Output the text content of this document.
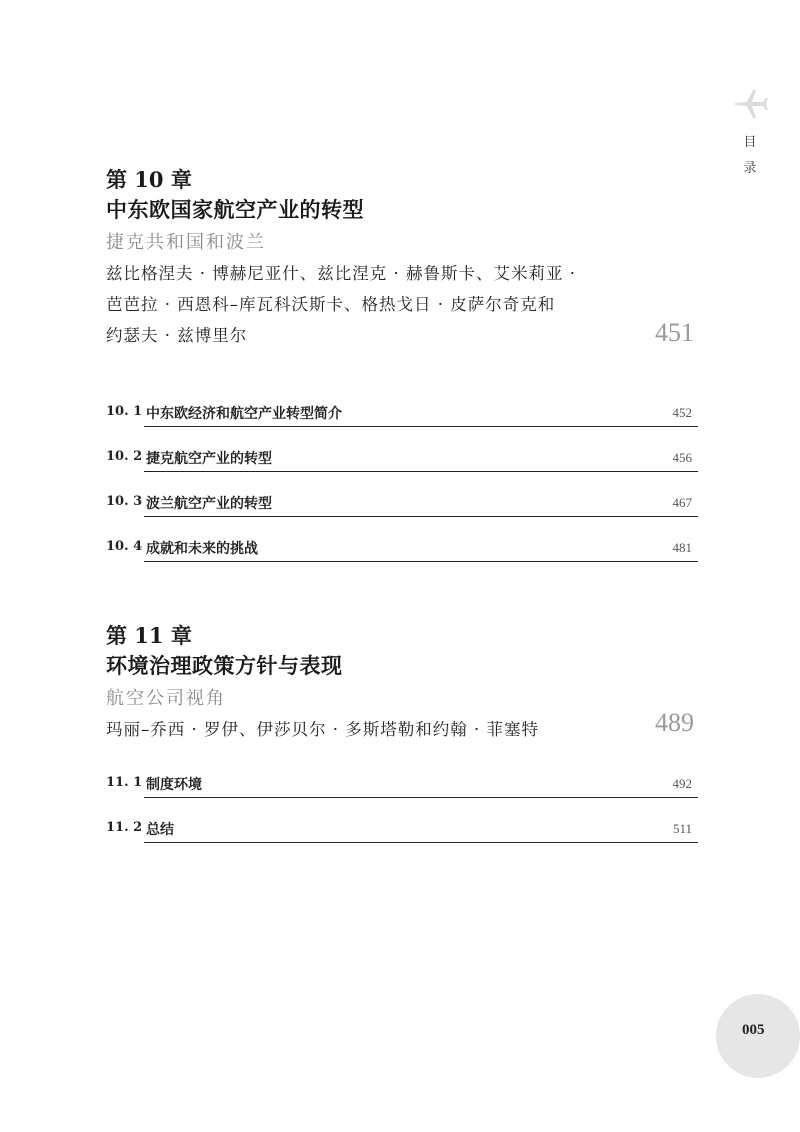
目
录
第 10 章
中东欧国家航空产业的转型
捷克共和国和波兰
兹比格涅夫 · 博赫尼亚什、兹比涅克 · 赫鲁斯卡、艾米莉亚 ·
芭芭拉 · 西恩科–库瓦科沃斯卡、格热戈日 · 皮萨尔奇克和
约瑟夫 · 兹博里尔	451
10. 1 中东欧经济和航空产业转型简介	452
10. 2 捷克航空产业的转型	456
10. 3 波兰航空产业的转型	467
10. 4 成就和未来的挑战	481
第 11 章
环境治理政策方针与表现
航空公司视角
玛丽–乔西 · 罗伊、伊莎贝尔 · 多斯塔勒和约翰 · 菲塞特	489
11. 1 制度环境	492
11. 2 总结	511
005
